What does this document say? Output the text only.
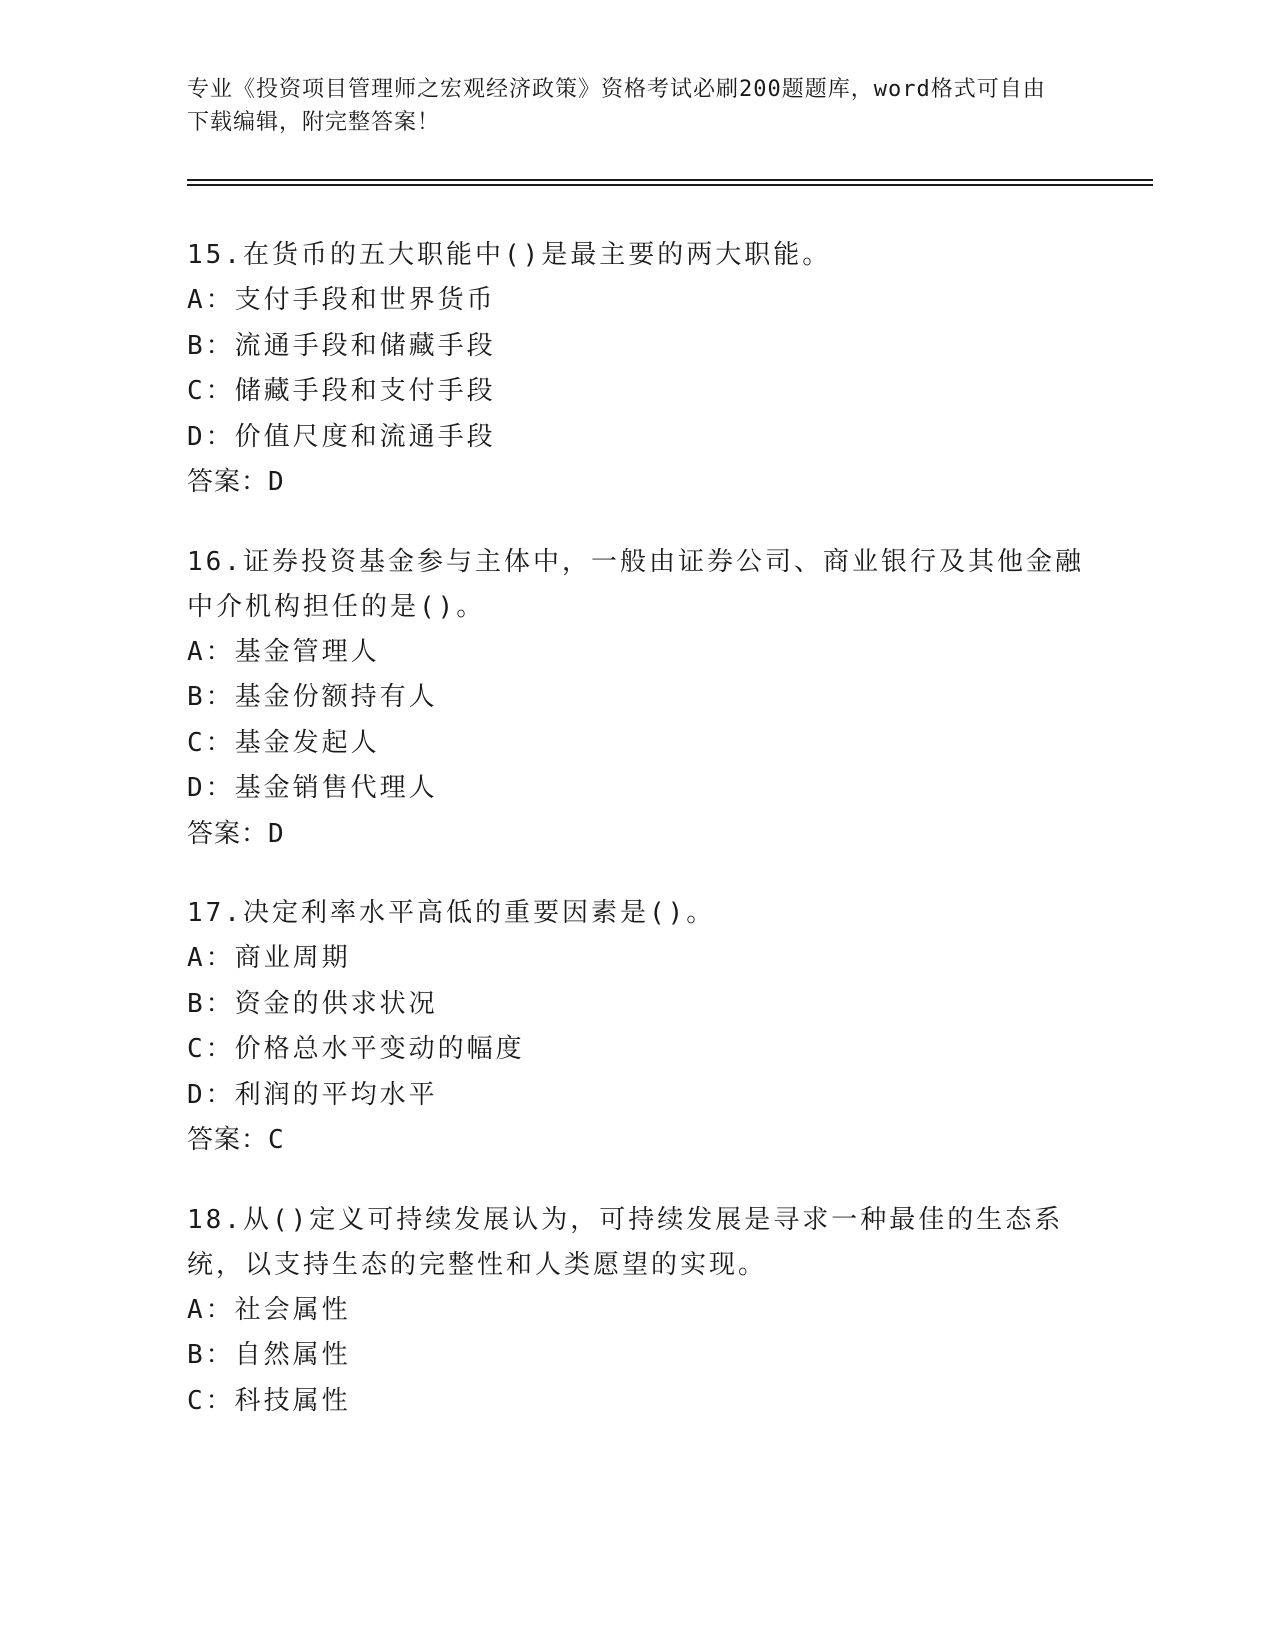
专业《投资项目管理师之宏观经济政策》资格考试必刷200题题库，word格式可自由下载编辑，附完整答案！
15.在货币的五大职能中()是最主要的两大职能。
A：支付手段和世界货币
B：流通手段和储藏手段
C：储藏手段和支付手段
D：价值尺度和流通手段
答案：D
16.证券投资基金参与主体中，一般由证券公司、商业银行及其他金融中介机构担任的是()。
A：基金管理人
B：基金份额持有人
C：基金发起人
D：基金销售代理人
答案：D
17.决定利率水平高低的重要因素是()。
A：商业周期
B：资金的供求状况
C：价格总水平变动的幅度
D：利润的平均水平
答案：C
18.从()定义可持续发展认为，可持续发展是寻求一种最佳的生态系统，以支持生态的完整性和人类愿望的实现。
A：社会属性
B：自然属性
C：科技属性
